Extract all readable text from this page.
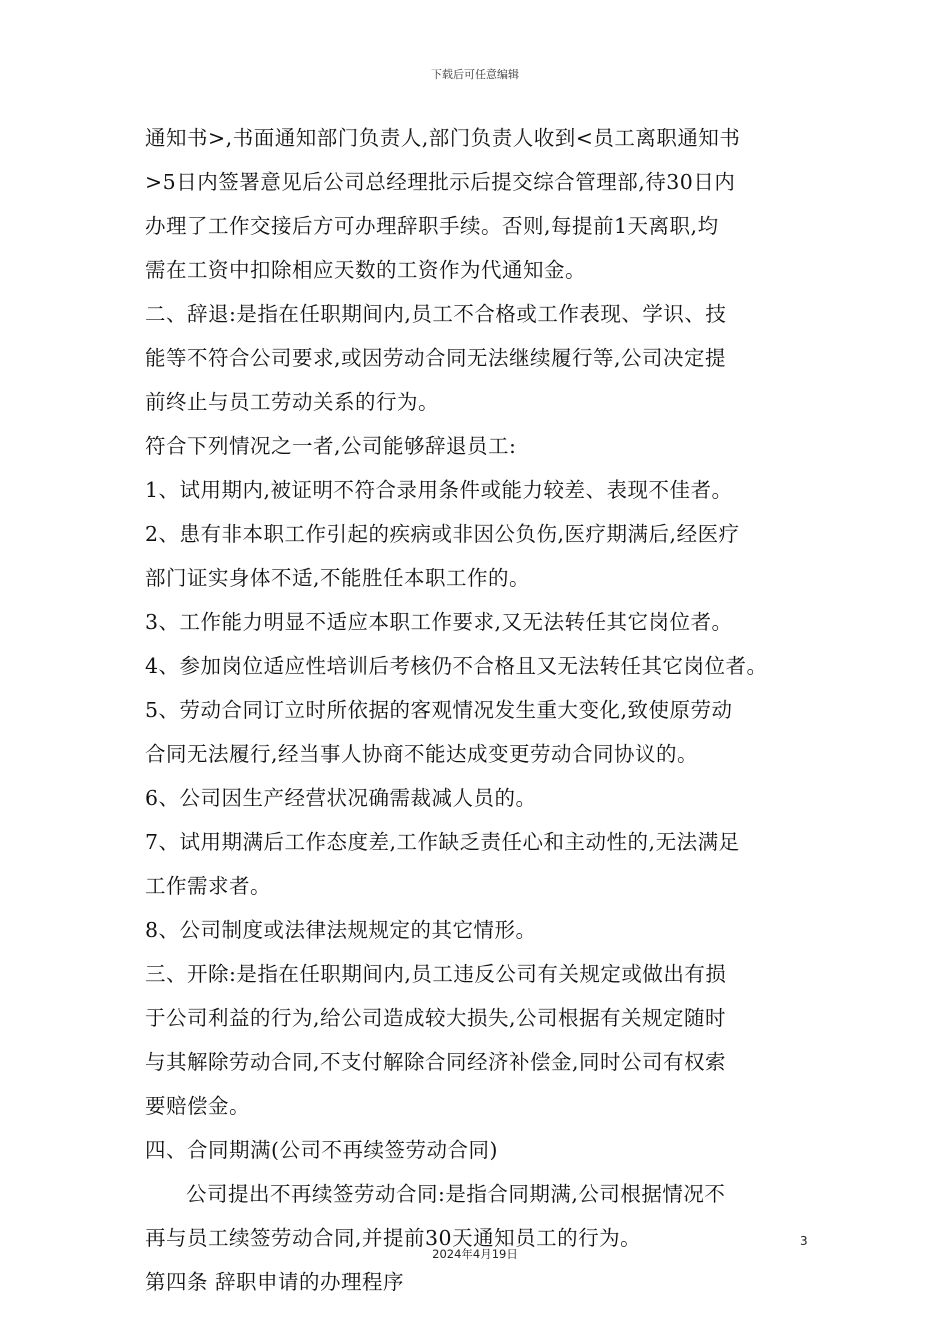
下载后可任意编辑
通知书>,书面通知部门负责人,部门负责人收到<员工离职通知书
>5日内签署意见后公司总经理批示后提交综合管理部,待30日内
办理了工作交接后方可办理辞职手续。否则,每提前1天离职,均
需在工资中扣除相应天数的工资作为代通知金。
二、辞退:是指在任职期间内,员工不合格或工作表现、学识、技
能等不符合公司要求,或因劳动合同无法继续履行等,公司决定提
前终止与员工劳动关系的行为。
符合下列情况之一者,公司能够辞退员工:
1、试用期内,被证明不符合录用条件或能力较差、表现不佳者。
2、患有非本职工作引起的疾病或非因公负伤,医疗期满后,经医疗
部门证实身体不适,不能胜任本职工作的。
3、工作能力明显不适应本职工作要求,又无法转任其它岗位者。
4、参加岗位适应性培训后考核仍不合格且又无法转任其它岗位者。
5、劳动合同订立时所依据的客观情况发生重大变化,致使原劳动
合同无法履行,经当事人协商不能达成变更劳动合同协议的。
6、公司因生产经营状况确需裁减人员的。
7、试用期满后工作态度差,工作缺乏责任心和主动性的,无法满足
工作需求者。
8、公司制度或法律法规规定的其它情形。
三、开除:是指在任职期间内,员工违反公司有关规定或做出有损
于公司利益的行为,给公司造成较大损失,公司根据有关规定随时
与其解除劳动合同,不支付解除合同经济补偿金,同时公司有权索
要赔偿金。
四、合同期满(公司不再续签劳动合同)
公司提出不再续签劳动合同:是指合同期满,公司根据情况不
再与员工续签劳动合同,并提前30天通知员工的行为。
第四条 辞职申请的办理程序
3
2024年4月19日
